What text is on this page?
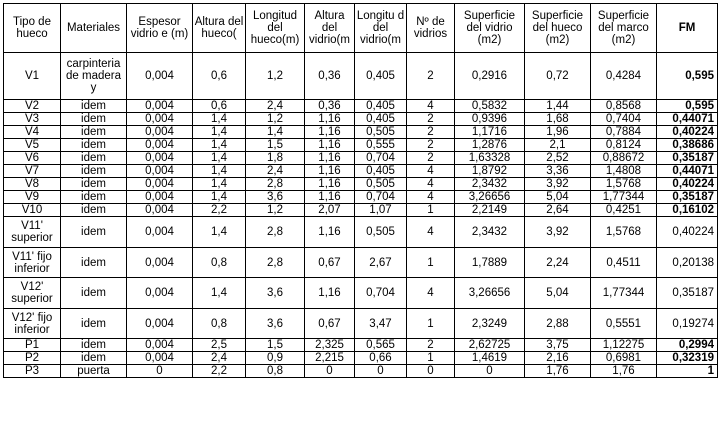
Tipo de hueco	Materiales	Espesor vidrio e (m)	Altura del hueco(	Longitud del hueco(m)	Altura del vidrio(m	Longitu d del vidrio(m	Nº de vidrios	Superficie del vidrio (m2)	Superficie del hueco (m2)	Superficie del marco (m2)	FM
V1	carpinteria de madera y	0,004	0,6	1,2	0,36	0,405	2	0,2916	0,72	0,4284	0,595
V2	idem	0,004	0,6	2,4	0,36	0,405	4	0,5832	1,44	0,8568	0,595
V3	idem	0,004	1,4	1,2	1,16	0,405	2	0,9396	1,68	0,7404	0,44071
V4	idem	0,004	1,4	1,4	1,16	0,505	2	1,1716	1,96	0,7884	0,40224
V5	idem	0,004	1,4	1,5	1,16	0,555	2	1,2876	2,1	0,8124	0,38686
V6	idem	0,004	1,4	1,8	1,16	0,704	2	1,63328	2,52	0,88672	0,35187
V7	idem	0,004	1,4	2,4	1,16	0,405	4	1,8792	3,36	1,4808	0,44071
V8	idem	0,004	1,4	2,8	1,16	0,505	4	2,3432	3,92	1,5768	0,40224
V9	idem	0,004	1,4	3,6	1,16	0,704	4	3,26656	5,04	1,77344	0,35187
V10	idem	0,004	2,2	1,2	2,07	1,07	1	2,2149	2,64	0,4251	0,16102
V11' superior	idem	0,004	1,4	2,8	1,16	0,505	4	2,3432	3,92	1,5768	0,40224
V11' fijo inferior	idem	0,004	0,8	2,8	0,67	2,67	1	1,7889	2,24	0,4511	0,20138
V12' superior	idem	0,004	1,4	3,6	1,16	0,704	4	3,26656	5,04	1,77344	0,35187
V12' fijo inferior	idem	0,004	0,8	3,6	0,67	3,47	1	2,3249	2,88	0,5551	0,19274
P1	idem	0,004	2,5	1,5	2,325	0,565	2	2,62725	3,75	1,12275	0,2994
P2	idem	0,004	2,4	0,9	2,215	0,66	1	1,4619	2,16	0,6981	0,32319
P3	puerta	0	2,2	0,8	0	0	0	0	1,76	1,76	1
